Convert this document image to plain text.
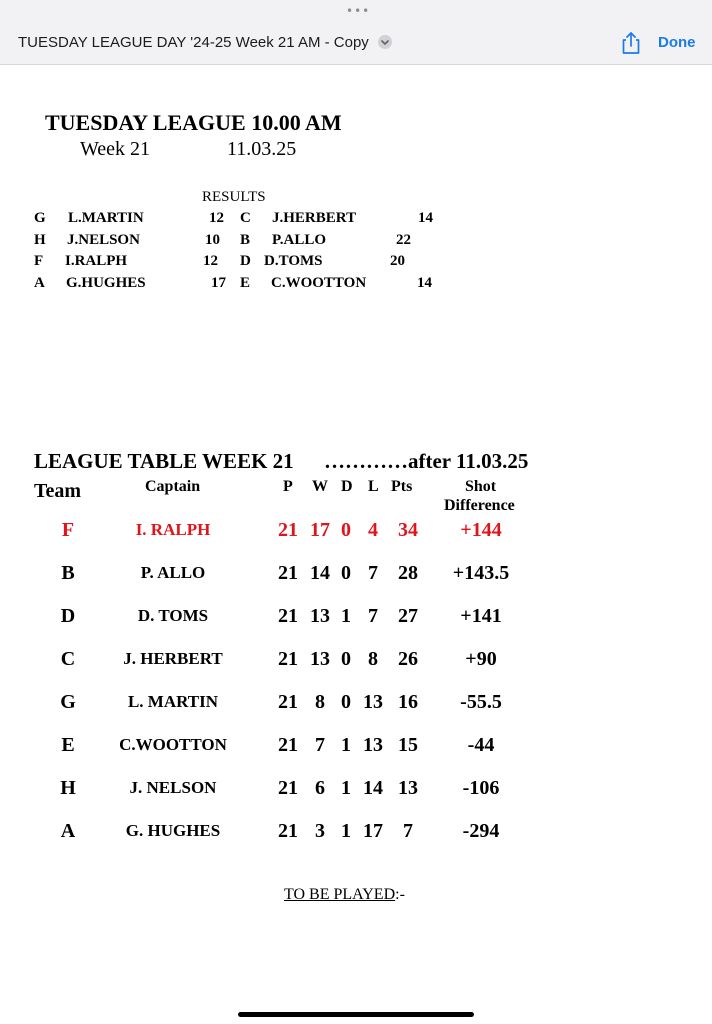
•••
TUESDAY LEAGUE DAY '24-25 Week 21 AM - Copy	Done
TUESDAY LEAGUE 10.00 AM
Week 21	11.03.25
RESULTS
G L.MARTIN	12 C J.HERBERT	14
H J.NELSON	10 B P.ALLO	22
F I.RALPH	12 D D.TOMS	20
A G.HUGHES	17 E C.WOOTTON	14
LEAGUE TABLE WEEK 21 …………after 11.03.25
Team	Captain	P W D L Pts	Shot
Difference
F	I. RALPH	21 17 0 4	34	+144
B	P. ALLO	21 14 0 7	28	+143.5
D	D. TOMS	21 13 1 7	27	+141
C	J. HERBERT	21 13 0 8	26	+90
G	L. MARTIN	21 8 0 13 16	-55.5
E	C.WOOTTON	21 7 1 13 15	-44
H	J. NELSON	21 6 1 14 13	-106
A	G. HUGHES	21 3 1 17	7	-294
TO BE PLAYED:-
